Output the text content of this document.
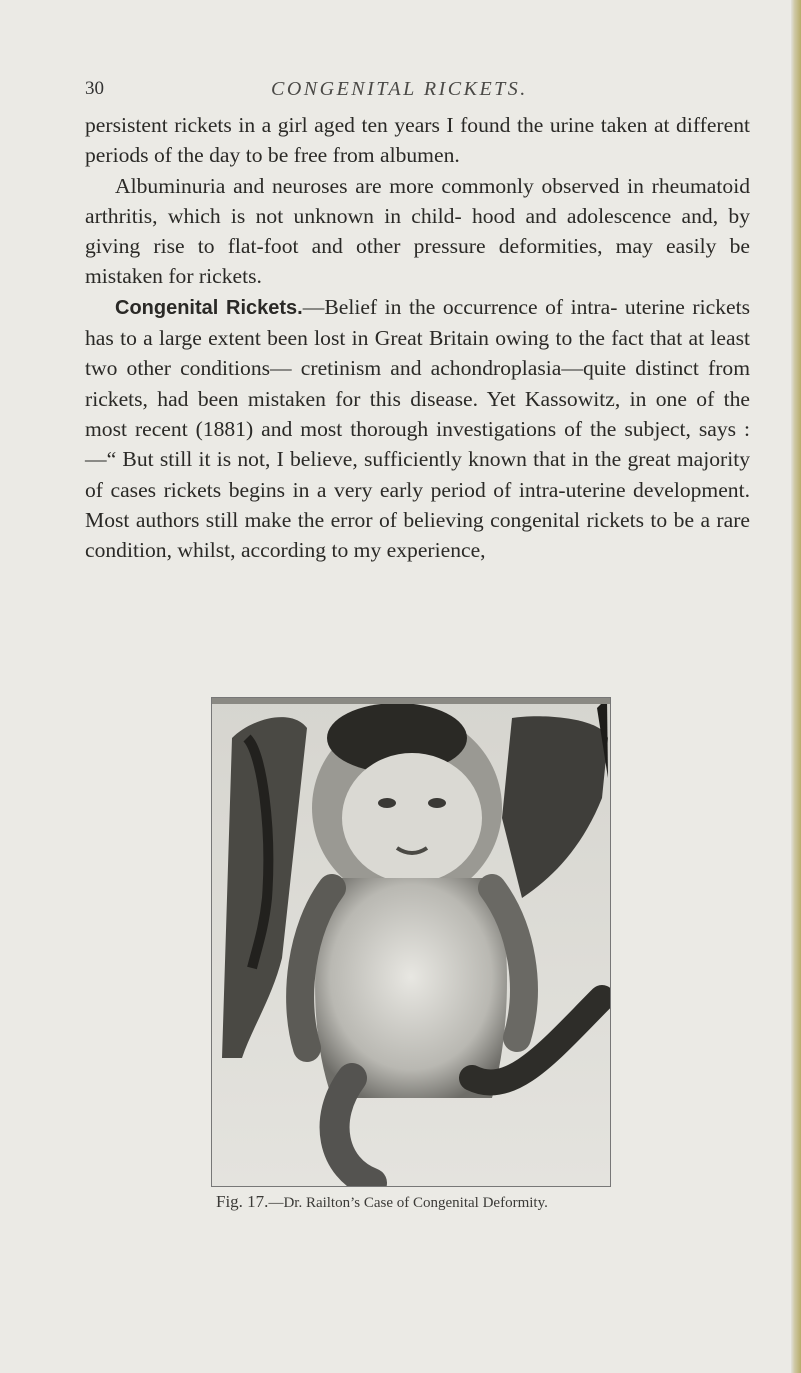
30	CONGENITAL RICKETS.

persistent rickets in a girl aged ten years I found the urine taken at different periods of the day to be free from albumen.

Albuminuria and neuroses are more commonly observed in rheumatoid arthritis, which is not unknown in child- hood and adolescence and, by giving rise to flat-foot and other pressure deformities, may easily be mistaken for rickets.

Congenital Rickets.—Belief in the occurrence of intra- uterine rickets has to a large extent been lost in Great Britain owing to the fact that at least two other conditions— cretinism and achondroplasia—quite distinct from rickets, had been mistaken for this disease. Yet Kassowitz, in one of the most recent (1881) and most thorough investigations of the subject, says :—“ But still it is not, I believe, sufficiently known that in the great majority of cases rickets begins in a very early period of intra-uterine development. Most authors still make the error of believing congenital rickets to be a rare condition, whilst, according to my experience,

Fig. 17.—Dr. Railton’s Case of Congenital Deformity.
